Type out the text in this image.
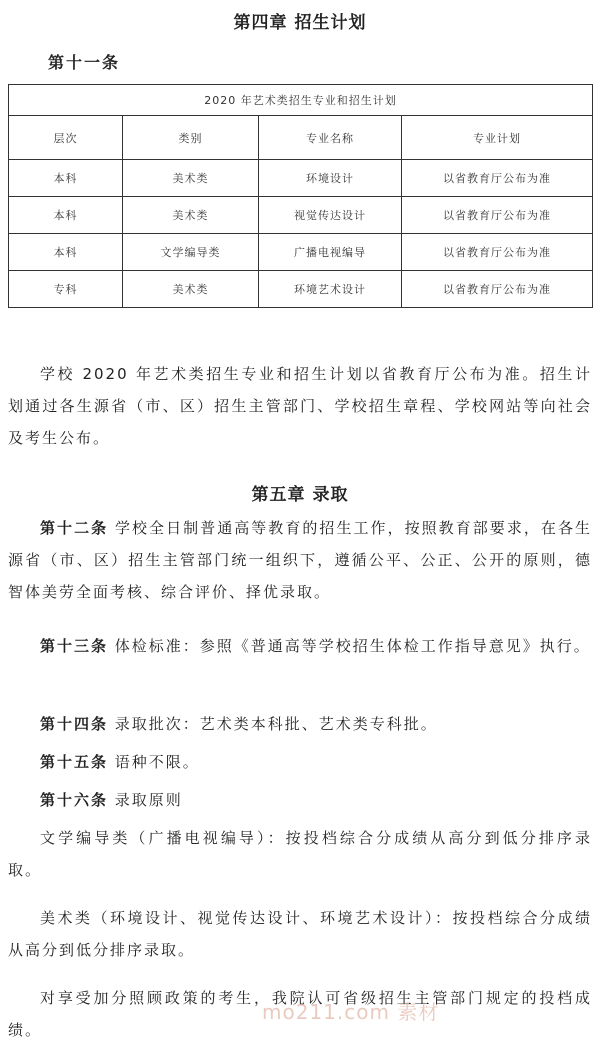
第四章 招生计划
第十一条
2020 年艺术类招生专业和招生计划			
层次	类别	专业名称	专业计划
本科	美术类	环境设计	以省教育厅公布为准
本科	美术类	视觉传达设计	以省教育厅公布为准
本科	文学编导类	广播电视编导	以省教育厅公布为准
专科	美术类	环境艺术设计	以省教育厅公布为准

学校 2020 年艺术类招生专业和招生计划以省教育厅公布为准。招生计划通过各生源省（市、区）招生主管部门、学校招生章程、学校网站等向社会及考生公布。

第五章 录取

第十二条 学校全日制普通高等教育的招生工作，按照教育部要求，在各生源省（市、区）招生主管部门统一组织下，遵循公平、公正、公开的原则，德智体美劳全面考核、综合评价、择优录取。

第十三条 体检标准：参照《普通高等学校招生体检工作指导意见》执行。

第十四条 录取批次：艺术类本科批、艺术类专科批。

第十五条 语种不限。

第十六条 录取原则

文学编导类（广播电视编导）：按投档综合分成绩从高分到低分排序录取。

美术类（环境设计、视觉传达设计、环境艺术设计）：按投档综合分成绩从高分到低分排序录取。

对享受加分照顾政策的考生，我院认可省级招生主管部门规定的投档成绩。

mo211.com 素材
